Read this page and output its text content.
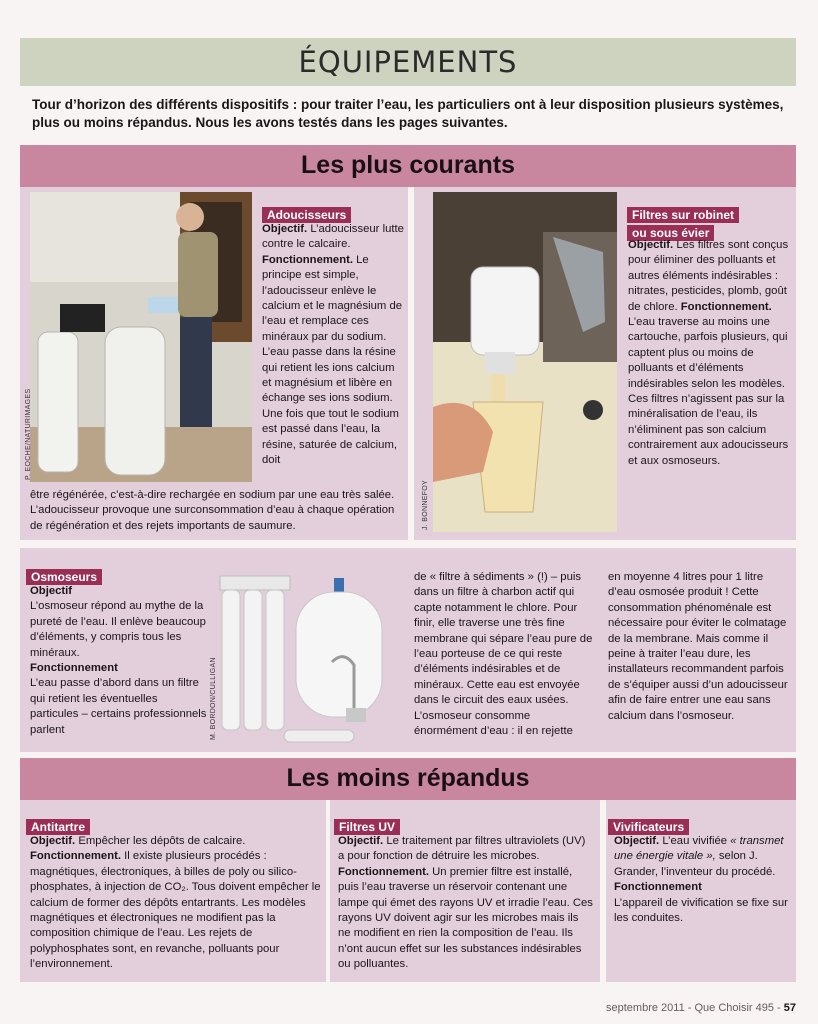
ÉQUIPEMENTS

Tour d’horizon des différents dispositifs : pour traiter l’eau, les particuliers ont à leur disposition plusieurs systèmes, plus ou moins répandus. Nous les avons testés dans les pages suivantes.

Les plus courants
P. EOCHE/NATURIMAGES
Adoucisseurs
Objectif. L’adoucisseur lutte contre le calcaire. Fonctionnement. Le principe est simple, l’adoucisseur enlève le calcium et le magnésium de l’eau et remplace ces minéraux par du sodium. L’eau passe dans la résine qui retient les ions calcium et magnésium et libère en échange ses ions sodium. Une fois que tout le sodium est passé dans l’eau, la résine, saturée de calcium, doit
être régénérée, c’est-à-dire rechargée en sodium par une eau très salée. L’adoucisseur provoque une surconsommation d’eau à chaque opération de régénération et des rejets importants de saumure.	J. BONNEFOY
Filtres sur robinet
ou sous évier
Objectif. Les filtres sont conçus pour éliminer des polluants et autres éléments indésirables : nitrates, pesticides, plomb, goût de chlore. Fonctionnement. L’eau traverse au moins une cartouche, parfois plusieurs, qui captent plus ou moins de polluants et d’éléments indésirables selon les modèles. Ces filtres n’agissent pas sur la minéralisation de l’eau, ils n’éliminent pas son calcium contrairement aux adoucisseurs et aux osmoseurs.
Osmoseurs
Objectif
L’osmoseur répond au mythe de la pureté de l’eau. Il enlève beaucoup d’éléments, y compris tous les minéraux.
Fonctionnement
L’eau passe d’abord dans un filtre qui retient les éventuelles particules – certains professionnels parlent	M. BORDON/CULLIGAN
de « filtre à sédiments » (!) – puis dans un filtre à charbon actif qui capte notamment le chlore. Pour finir, elle traverse une très fine membrane qui sépare l’eau pure de l’eau porteuse de ce qui reste d’éléments indésirables et de minéraux. Cette eau est envoyée dans le circuit des eaux usées. L’osmoseur consomme énormément d’eau : il en rejette
en moyenne 4 litres pour 1 litre d’eau osmosée produit ! Cette consommation phénoménale est nécessaire pour éviter le colmatage de la membrane. Mais comme il peine à traiter l’eau dure, les installateurs recommandent parfois de s’équiper aussi d’un adoucisseur afin de faire entrer une eau sans calcium dans l’osmoseur.
Les moins répandus
Antitartre
Objectif. Empêcher les dépôts de calcaire.
Fonctionnement. Il existe plusieurs procédés : magnétiques, électroniques, à billes de poly ou silico-phosphates, à injection de CO₂. Tous doivent empêcher le calcium de former des dépôts entartrants. Les modèles magnétiques et électroniques ne modifient pas la composition chimique de l’eau. Les rejets de polyphosphates sont, en revanche, polluants pour l’environnement.
Filtres UV
Objectif. Le traitement par filtres ultraviolets (UV) a pour fonction de détruire les microbes.
Fonctionnement. Un premier filtre est installé, puis l’eau traverse un réservoir contenant une lampe qui émet des rayons UV et irradie l’eau. Ces rayons UV doivent agir sur les microbes mais ils ne modifient en rien la composition de l’eau. Ils n’ont aucun effet sur les substances indésirables ou polluantes.
Vivificateurs
Objectif. L’eau vivifiée « transmet une énergie vitale », selon J. Grander, l’inventeur du procédé.
Fonctionnement
L’appareil de vivification se fixe sur les conduites.
septembre 2011 - Que Choisir 495 - 57
